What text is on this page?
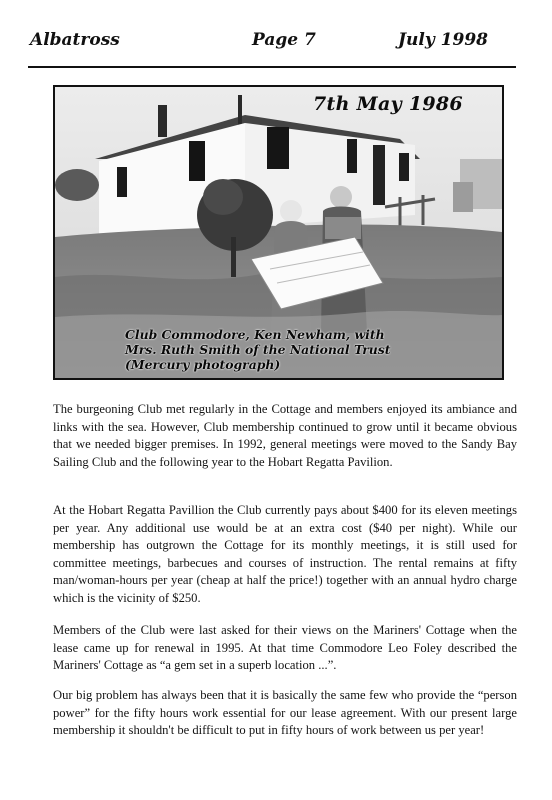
Albatross	Page 7	July 1998
7th May 1986
Club Commodore, Ken Newham, with
Mrs. Ruth Smith of the National Trust
(Mercury photograph)

The burgeoning Club met regularly in the Cottage and members enjoyed its ambiance and links with the sea. However, Club membership continued to grow until it became obvious that we needed bigger premises. In 1992, general meetings were moved to the Sandy Bay Sailing Club and the following year to the Hobart Regatta Pavilion.

At the Hobart Regatta Pavillion the Club currently pays about $400 for its eleven meetings per year. Any additional use would be at an extra cost ($40 per night). While our membership has outgrown the Cottage for its monthly meetings, it is still used for committee meetings, barbecues and courses of instruction. The rental remains at fifty man/woman-hours per year (cheap at half the price!) together with an annual hydro charge which is the vicinity of $250.

Members of the Club were last asked for their views on the Mariners' Cottage when the lease came up for renewal in 1995. At that time Commodore Leo Foley described the Mariners' Cottage as “a gem set in a superb location ...”.

Our big problem has always been that it is basically the same few who provide the “person power” for the fifty hours work essential for our lease agreement. With our present large membership it shouldn't be difficult to put in fifty hours of work between us per year!
